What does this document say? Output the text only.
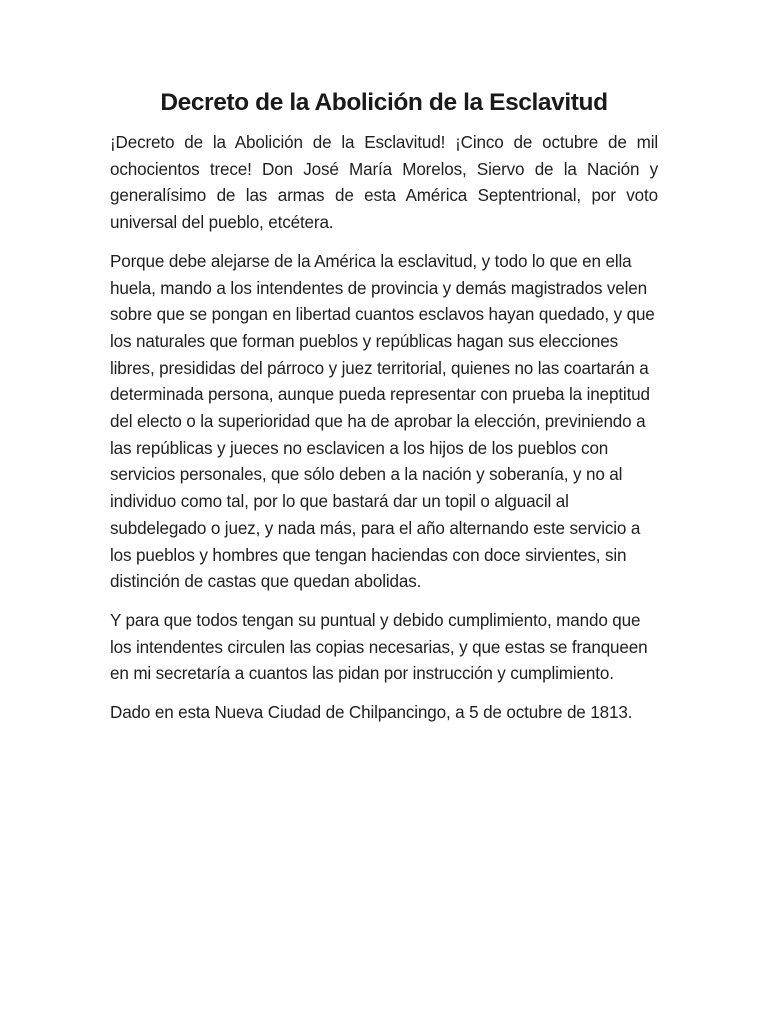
Decreto de la Abolición de la Esclavitud

¡Decreto de la Abolición de la Esclavitud! ¡Cinco de octubre de mil ochocientos trece! Don José María Morelos, Siervo de la Nación y generalísimo de las armas de esta América Septentrional, por voto universal del pueblo, etcétera.

Porque debe alejarse de la América la esclavitud, y todo lo que en ella huela, mando a los intendentes de provincia y demás magistrados velen sobre que se pongan en libertad cuantos esclavos hayan quedado, y que los naturales que forman pueblos y repúblicas hagan sus elecciones libres, presididas del párroco y juez territorial, quienes no las coartarán a determinada persona, aunque pueda representar con prueba la ineptitud del electo o la superioridad que ha de aprobar la elección, previniendo a las repúblicas y jueces no esclavicen a los hijos de los pueblos con servicios personales, que sólo deben a la nación y soberanía, y no al individuo como tal, por lo que bastará dar un topil o alguacil al subdelegado o juez, y nada más, para el año alternando este servicio a los pueblos y hombres que tengan haciendas con doce sirvientes, sin distinción de castas que quedan abolidas.

Y para que todos tengan su puntual y debido cumplimiento, mando que los intendentes circulen las copias necesarias, y que estas se franqueen en mi secretaría a cuantos las pidan por instrucción y cumplimiento.

Dado en esta Nueva Ciudad de Chilpancingo, a 5 de octubre de 1813.
